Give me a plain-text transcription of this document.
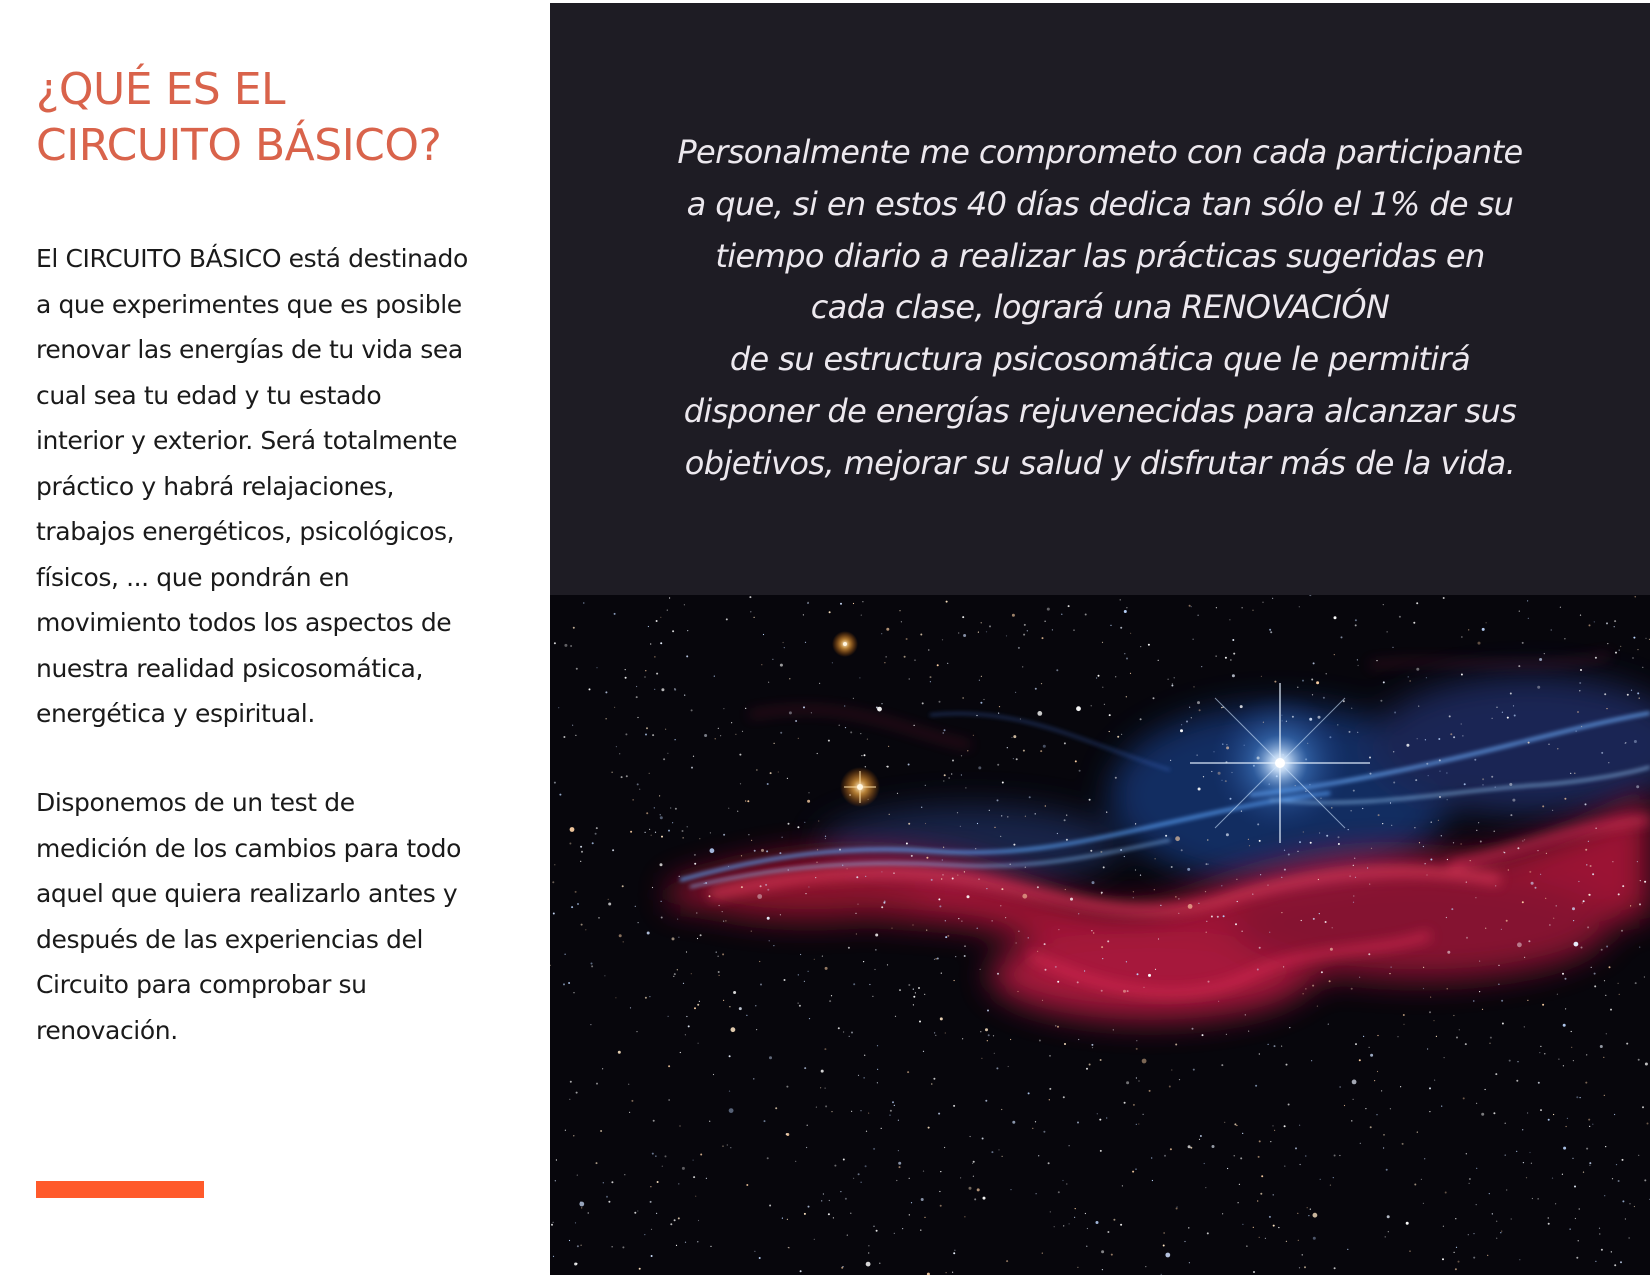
¿QUÉ ES EL
CIRCUITO BÁSICO?

El CIRCUITO BÁSICO está destinado
a que experimentes que es posible
renovar las energías de tu vida sea
cual sea tu edad y tu estado
interior y exterior. Será totalmente
práctico y habrá relajaciones,
trabajos energéticos, psicológicos,
físicos, ... que pondrán en
movimiento todos los aspectos de
nuestra realidad psicosomática,
energética y espiritual.

Disponemos de un test de
medición de los cambios para todo
aquel que quiera realizarlo antes y
después de las experiencias del
Circuito para comprobar su
renovación.

Personalmente me comprometo con cada participante
a que, si en estos 40 días dedica tan sólo el 1% de su
tiempo diario a realizar las prácticas sugeridas en
cada clase, logrará una RENOVACIÓN
de su estructura psicosomática que le permitirá
disponer de energías rejuvenecidas para alcanzar sus
objetivos, mejorar su salud y disfrutar más de la vida.
